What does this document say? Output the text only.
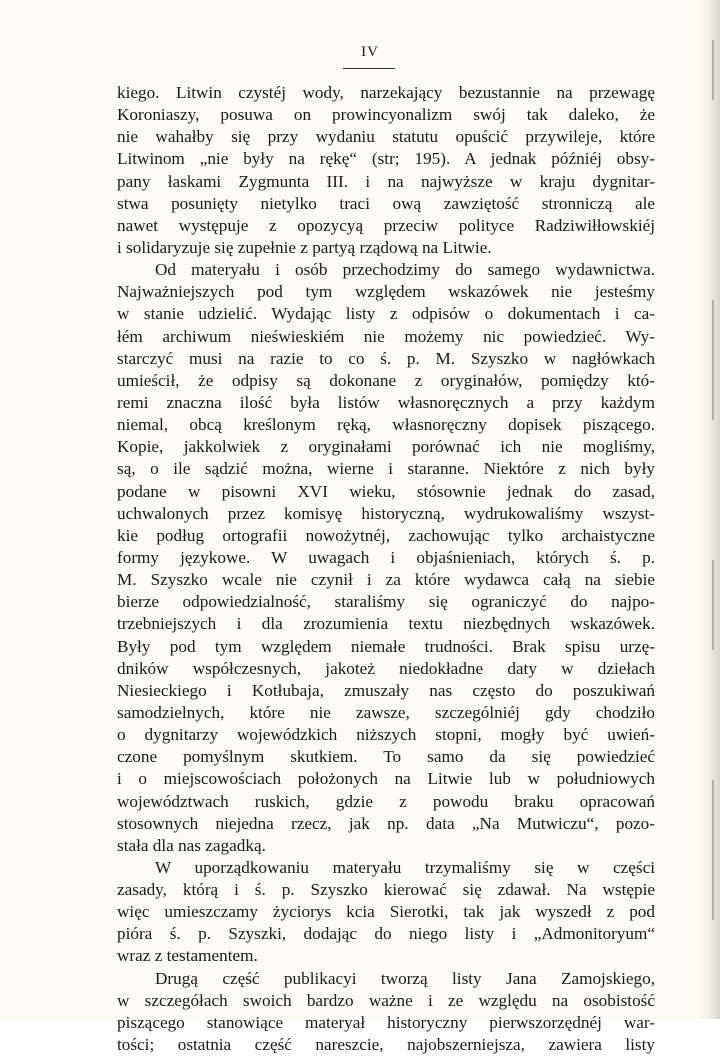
IV
kiego. Litwin czystéj wody, narzekający bezustannie na przewagę
Koroniaszy, posuwa on prowincyonalizm swój tak daleko, że
nie wahałby się przy wydaniu statutu opuścić przywileje, które
Litwinom „nie były na rękę“ (str; 195). A jednak późniéj obsy-
pany łaskami Zygmunta III. i na najwyższe w kraju dygnitar-
stwa posunięty nietylko traci ową zawziętość stronniczą ale
nawet występuje z opozycyą przeciw polityce Radziwiłłowskiéj
i solidaryzuje się zupełnie z partyą rządową na Litwie.
Od materyału i osób przechodzimy do samego wydawnictwa.
Najważniejszych pod tym względem wskazówek nie jesteśmy
w stanie udzielić. Wydając listy z odpisów o dokumentach i ca-
łém archiwum nieświeskiém nie możemy nic powiedzieć. Wy-
starczyć musi na razie to co ś. p. M. Szyszko w nagłówkach
umieścił, że odpisy są dokonane z oryginałów, pomiędzy któ-
remi znaczna ilość była listów własnoręcznych a przy każdym
niemal, obcą kreślonym ręką, własnoręczny dopisek piszącego.
Kopie, jakkolwiek z oryginałami porównać ich nie mogliśmy,
są, o ile sądzić można, wierne i staranne. Niektóre z nich były
podane w pisowni XVI wieku, stósownie jednak do zasad,
uchwalonych przez komisyę historyczną, wydrukowaliśmy wszyst-
kie podług ortografii nowożytnéj, zachowując tylko archaistyczne
formy językowe. W uwagach i objaśnieniach, których ś. p.
M. Szyszko wcale nie czynił i za które wydawca całą na siebie
bierze odpowiedzialność, staraliśmy się ograniczyć do najpo-
trzebniejszych i dla zrozumienia textu niezbędnych wskazówek.
Były pod tym względem niemałe trudności. Brak spisu urzę-
dników współczesnych, jakoteż niedokładne daty w dziełach
Niesieckiego i Kotłubaja, zmuszały nas często do poszukiwań
samodzielnych, które nie zawsze, szczególniéj gdy chodziło
o dygnitarzy wojewódzkich niższych stopni, mogły być uwień-
czone pomyślnym skutkiem. To samo da się powiedzieć
i o miejscowościach położonych na Litwie lub w południowych
województwach ruskich, gdzie z powodu braku opracowań
stosownych niejedna rzecz, jak np. data „Na Mutwiczu“, pozo-
stała dla nas zagadką.
W uporządkowaniu materyału trzymaliśmy się w części
zasady, którą i ś. p. Szyszko kierować się zdawał. Na wstępie
więc umieszczamy życiorys kcia Sierotki, tak jak wyszedł z pod
pióra ś. p. Szyszki, dodając do niego listy i „Admonitoryum“
wraz z testamentem.
Drugą część publikacyi tworzą listy Jana Zamojskiego,
w szczegółach swoich bardzo ważne i ze względu na osobistość
piszącego stanowiące materyał historyczny pierwszorzędnéj war-
tości; ostatnia część nareszcie, najobszerniejsza, zawiera listy
